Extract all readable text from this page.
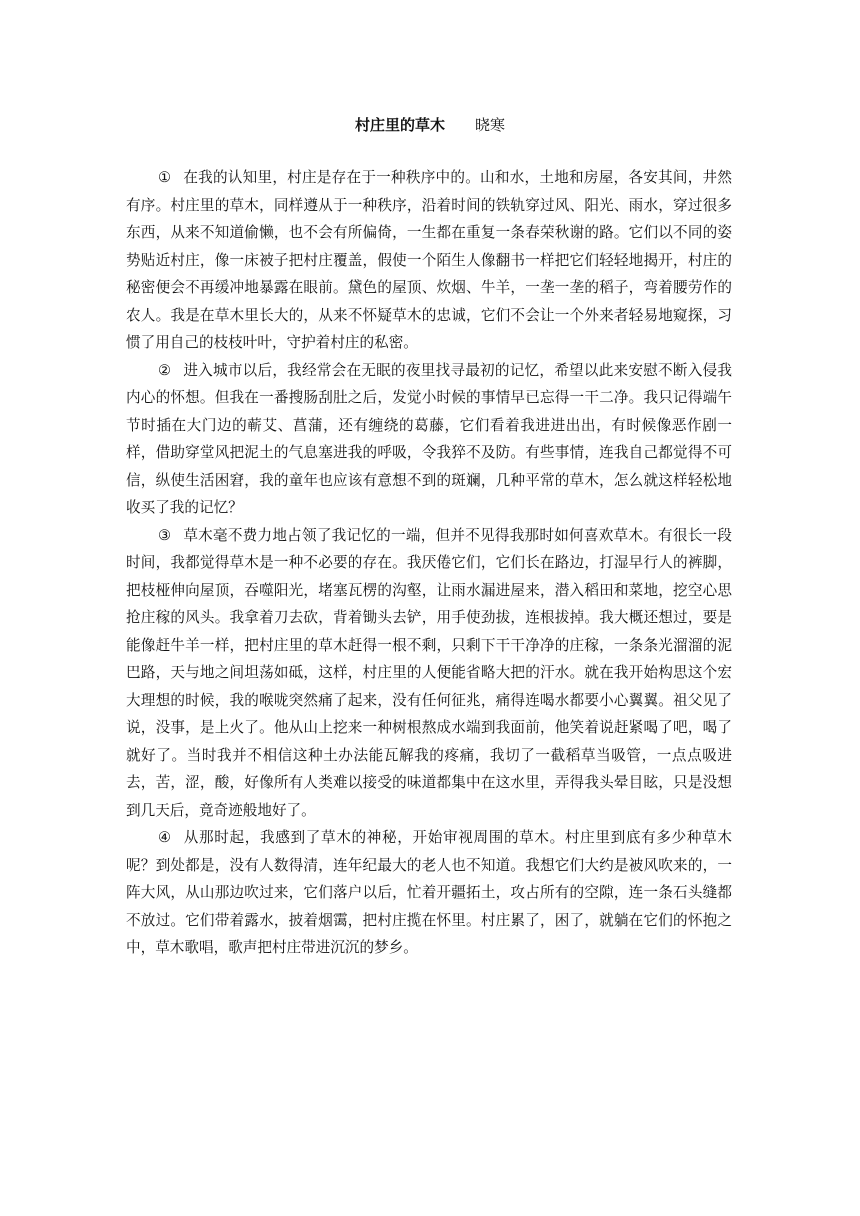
村庄里的草木 晓寒

① 在我的认知里，村庄是存在于一种秩序中的。山和水，土地和房屋，各安其间，井然有序。村庄里的草木，同样遵从于一种秩序，沿着时间的铁轨穿过风、阳光、雨水，穿过很多东西，从来不知道偷懒，也不会有所偏倚，一生都在重复一条春荣秋谢的路。它们以不同的姿势贴近村庄，像一床被子把村庄覆盖，假使一个陌生人像翻书一样把它们轻轻地揭开，村庄的秘密便会不再缓冲地暴露在眼前。黛色的屋顶、炊烟、牛羊，一垄一垄的稻子，弯着腰劳作的农人。我是在草木里长大的，从来不怀疑草木的忠诚，它们不会让一个外来者轻易地窥探，习惯了用自己的枝枝叶叶，守护着村庄的私密。

② 进入城市以后，我经常会在无眠的夜里找寻最初的记忆，希望以此来安慰不断入侵我内心的怀想。但我在一番搜肠刮肚之后，发觉小时候的事情早已忘得一干二净。我只记得端午节时插在大门边的蕲艾、菖蒲，还有缠绕的葛藤，它们看着我进进出出，有时候像恶作剧一样，借助穿堂风把泥土的气息塞进我的呼吸，令我猝不及防。有些事情，连我自己都觉得不可信，纵使生活困窘，我的童年也应该有意想不到的斑斓，几种平常的草木，怎么就这样轻松地收买了我的记忆？

③ 草木毫不费力地占领了我记忆的一端，但并不见得我那时如何喜欢草木。有很长一段时间，我都觉得草木是一种不必要的存在。我厌倦它们，它们长在路边，打湿早行人的裤脚，把枝桠伸向屋顶，吞噬阳光，堵塞瓦楞的沟壑，让雨水漏进屋来，潜入稻田和菜地，挖空心思抢庄稼的风头。我拿着刀去砍，背着锄头去铲，用手使劲拔，连根拔掉。我大概还想过，要是能像赶牛羊一样，把村庄里的草木赶得一根不剩，只剩下干干净净的庄稼，一条条光溜溜的泥巴路，天与地之间坦荡如砥，这样，村庄里的人便能省略大把的汗水。就在我开始构思这个宏大理想的时候，我的喉咙突然痛了起来，没有任何征兆，痛得连喝水都要小心翼翼。祖父见了说，没事，是上火了。他从山上挖来一种树根熬成水端到我面前，他笑着说赶紧喝了吧，喝了就好了。当时我并不相信这种土办法能瓦解我的疼痛，我切了一截稻草当吸管，一点点吸进去，苦，涩，酸，好像所有人类难以接受的味道都集中在这水里，弄得我头晕目眩，只是没想到几天后，竟奇迹般地好了。

④ 从那时起，我感到了草木的神秘，开始审视周围的草木。村庄里到底有多少种草木呢？到处都是，没有人数得清，连年纪最大的老人也不知道。我想它们大约是被风吹来的，一阵大风，从山那边吹过来，它们落户以后，忙着开疆拓土，攻占所有的空隙，连一条石头缝都不放过。它们带着露水，披着烟霭，把村庄揽在怀里。村庄累了，困了，就躺在它们的怀抱之中，草木歌唱，歌声把村庄带进沉沉的梦乡。
